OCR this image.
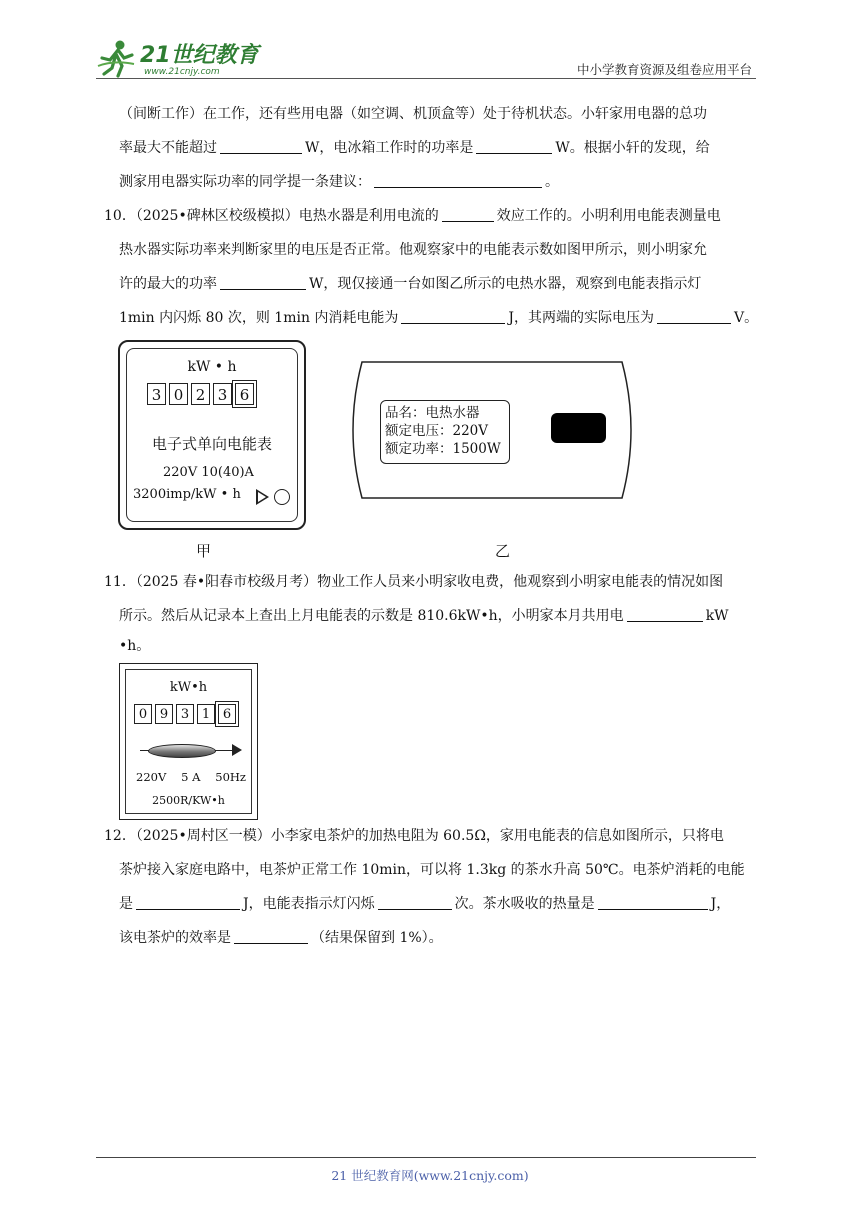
21世纪教育
www.21cnjy.com	中小学教育资源及组卷应用平台
（间断工作）在工作，还有些用电器（如空调、机顶盒等）处于待机状态。小轩家用电器的总功
率最大不能超过	W，电冰箱工作时的功率是	W。根据小轩的发现，给
测家用电器实际功率的同学提一条建议：	。
10．（2025•碑林区校级模拟）电热水器是利用电流的	效应工作的。小明利用电能表测量电
热水器实际功率来判断家里的电压是否正常。他观察家中的电能表示数如图甲所示，则小明家允
许的最大的功率	W，现仅接通一台如图乙所示的电热水器，观察到电能表指示灯
1min 内闪烁 80 次，则 1min 内消耗电能为	J，其两端的实际电压为	V。
kW • h
3 0 2 3 6
电子式单向电能表
220V 10(40)A
3200imp/kW • h
甲
品名：电热水器
额定电压：220V
额定功率：1500W
乙
11．（2025 春•阳春市校级月考）物业工作人员来小明家收电费，他观察到小明家电能表的情况如图
所示。然后从记录本上查出上月电能表的示数是 810.6kW•h，小明家本月共用电	kW
•h。
kW•h
0 9 3 1 6
220V 5 A 50Hz
2500R/KW•h
12．（2025•周村区一模）小李家电茶炉的加热电阻为 60.5Ω，家用电能表的信息如图所示，只将电
茶炉接入家庭电路中，电茶炉正常工作 10min，可以将 1.3kg 的茶水升高 50℃。电茶炉消耗的电能
是	J，电能表指示灯闪烁	次。茶水吸收的热量是	J，
该电茶炉的效率是	（结果保留到 1%）。
21 世纪教育网(www.21cnjy.com)
